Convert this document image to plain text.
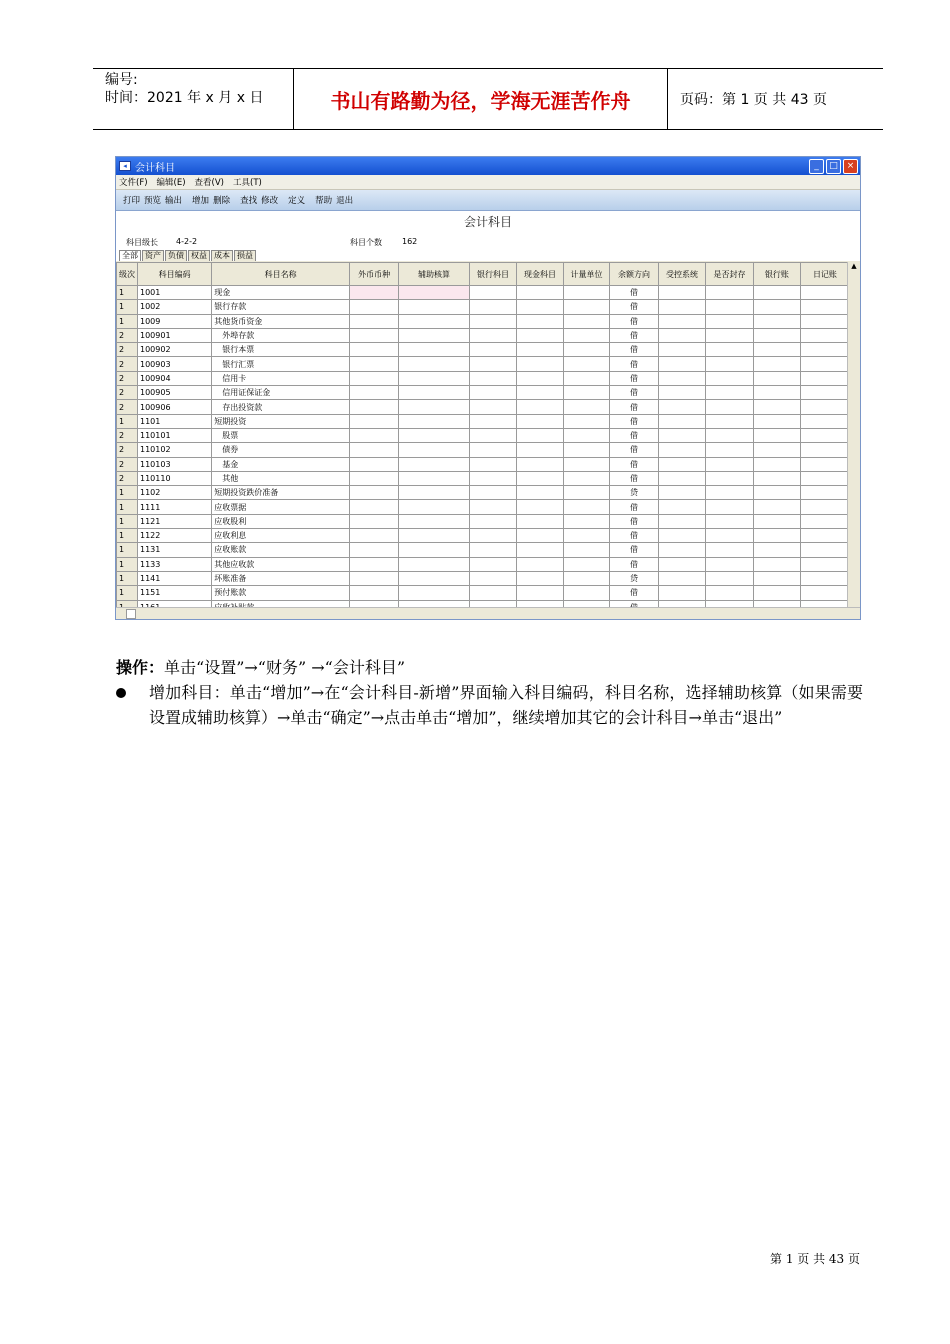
编号:
时间：2021 年 x 月 x 日	书山有路勤为径，学海无涯苦作舟	页码：第 1 页 共 43 页
◂ 会计科目	_	□ ×
文件(F) 编辑(E) 查看(V) 工具(T)
打印 预览 输出 增加 删除 查找 修改 定义 帮助 退出
会计科目
科目级长 4-2-2	科目个数	162
全部 资产 负债 权益 成本 损益
级次	科目编码	科目名称	外币币种	辅助核算	银行科目	现金科目	计量单位	余额方向	受控系统	是否封存	银行账	日记账
1	1001	现金						借				
1	1002	银行存款						借				
1	1009	其他货币资金						借				
2	100901	外埠存款						借				
2	100902	银行本票						借				
2	100903	银行汇票						借				
2	100904	信用卡						借				
2	100905	信用证保证金						借				
2	100906	存出投资款						借				
1	1101	短期投资						借				
2	110101	股票						借				
2	110102	债券						借				
2	110103	基金						借				
2	110110	其他						借				
1	1102	短期投资跌价准备						贷				
1	1111	应收票据						借				
1	1121	应收股利						借				
1	1122	应收利息						借				
1	1131	应收账款						借				
1	1133	其他应收款						借				
1	1141	坏账准备						贷				
1	1151	预付账款						借				

▲
操作：单击“设置”→“财务” →“会计科目”
增加科目：单击“增加”→在“会计科目-新增”界面输入科目编码，科目名称，选择辅助核算（如果需要设置成辅助核算）→单击“确定”→点击单击“增加”，继续增加其它的会计科目→单击“退出”
第 1 页 共 43 页
